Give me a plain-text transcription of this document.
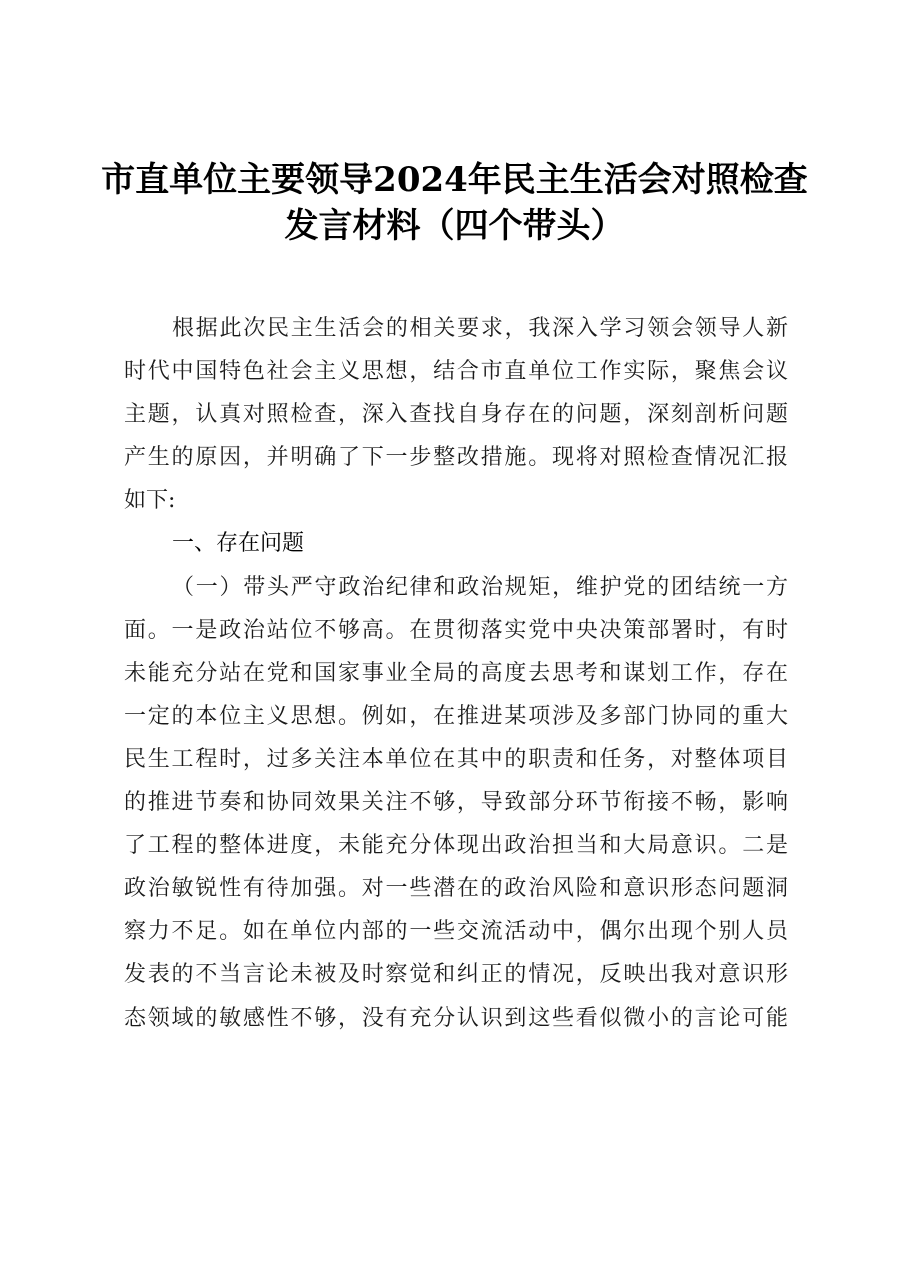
市直单位主要领导2024年民主生活会对照检查
发言材料（四个带头）
根据此次民主生活会的相关要求，我深入学习领会领导人新
时代中国特色社会主义思想，结合市直单位工作实际，聚焦会议
主题，认真对照检查，深入查找自身存在的问题，深刻剖析问题
产生的原因，并明确了下一步整改措施。现将对照检查情况汇报
如下:
一、存在问题
（一）带头严守政治纪律和政治规矩，维护党的团结统一方
面。一是政治站位不够高。在贯彻落实党中央决策部署时，有时
未能充分站在党和国家事业全局的高度去思考和谋划工作，存在
一定的本位主义思想。例如，在推进某项涉及多部门协同的重大
民生工程时，过多关注本单位在其中的职责和任务，对整体项目
的推进节奏和协同效果关注不够，导致部分环节衔接不畅，影响
了工程的整体进度，未能充分体现出政治担当和大局意识。二是
政治敏锐性有待加强。对一些潜在的政治风险和意识形态问题洞
察力不足。如在单位内部的一些交流活动中，偶尔出现个别人员
发表的不当言论未被及时察觉和纠正的情况，反映出我对意识形
态领域的敏感性不够，没有充分认识到这些看似微小的言论可能
